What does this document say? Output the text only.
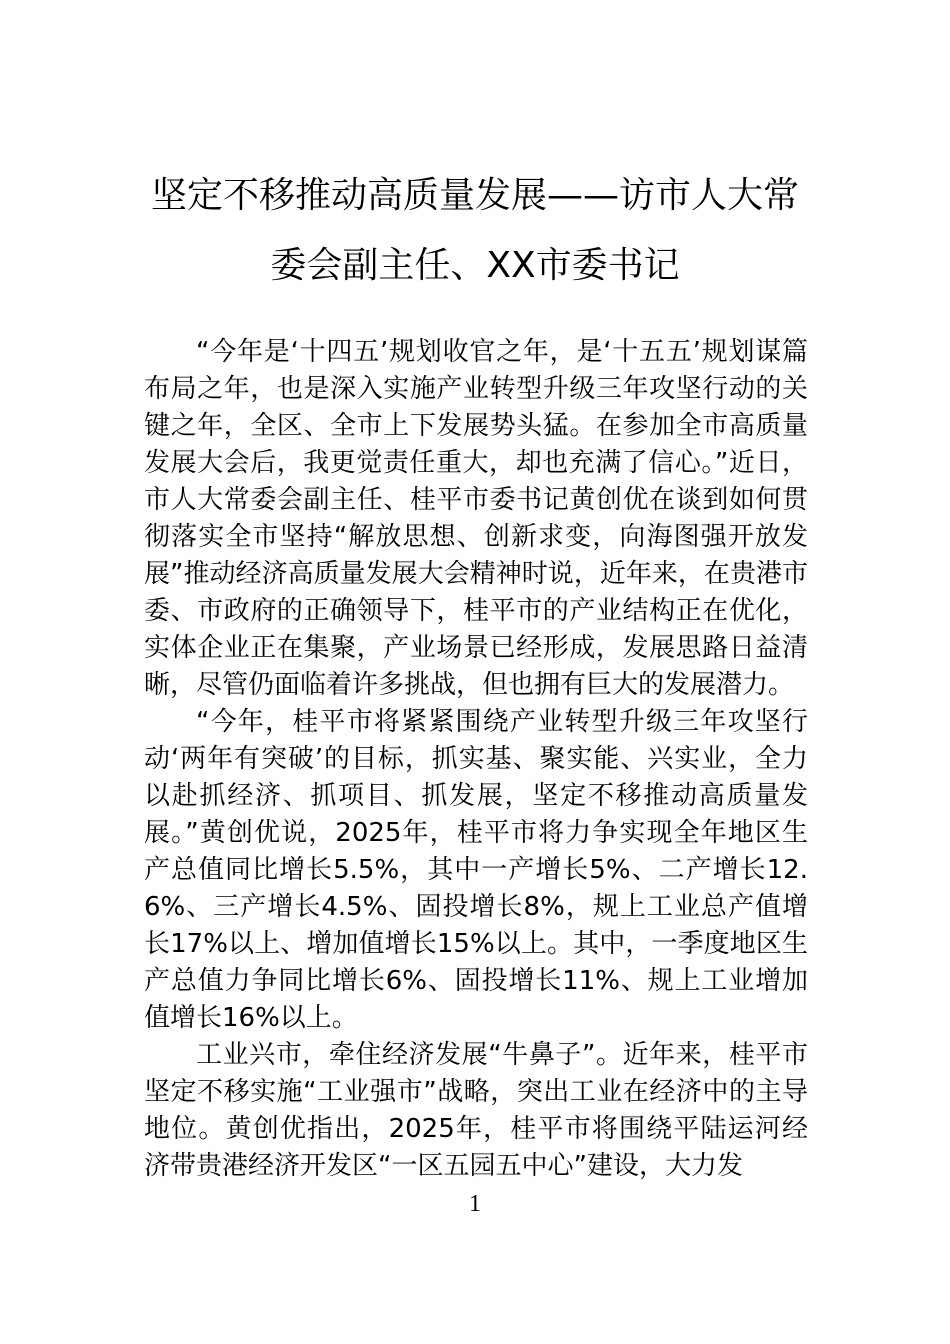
坚定不移推动高质量发展——访市人大常
委会副主任、XX市委书记

“今年是‘十四五’规划收官之年，是‘十五五’规划谋篇布局之年，也是深入实施产业转型升级三年攻坚行动的关键之年，全区、全市上下发展势头猛。在参加全市高质量发展大会后，我更觉责任重大，却也充满了信心。”近日，市人大常委会副主任、桂平市委书记黄创优在谈到如何贯彻落实全市坚持“解放思想、创新求变，向海图强开放发展”推动经济高质量发展大会精神时说，近年来，在贵港市委、市政府的正确领导下，桂平市的产业结构正在优化，实体企业正在集聚，产业场景已经形成，发展思路日益清晰，尽管仍面临着许多挑战，但也拥有巨大的发展潜力。

“今年，桂平市将紧紧围绕产业转型升级三年攻坚行动‘两年有突破’的目标，抓实基、聚实能、兴实业，全力以赴抓经济、抓项目、抓发展，坚定不移推动高质量发展。”黄创优说，2025年，桂平市将力争实现全年地区生产总值同比增长5.5%，其中一产增长5%、二产增长12.6%、三产增长4.5%、固投增长8%，规上工业总产值增长17%以上、增加值增长15%以上。其中，一季度地区生产总值力争同比增长6%、固投增长11%、规上工业增加值增长16%以上。

工业兴市，牵住经济发展“牛鼻子”。近年来，桂平市坚定不移实施“工业强市”战略，突出工业在经济中的主导地位。黄创优指出，2025年，桂平市将围绕平陆运河经济带贵港经济开发区“一区五园五中心”建设，大力发

1
